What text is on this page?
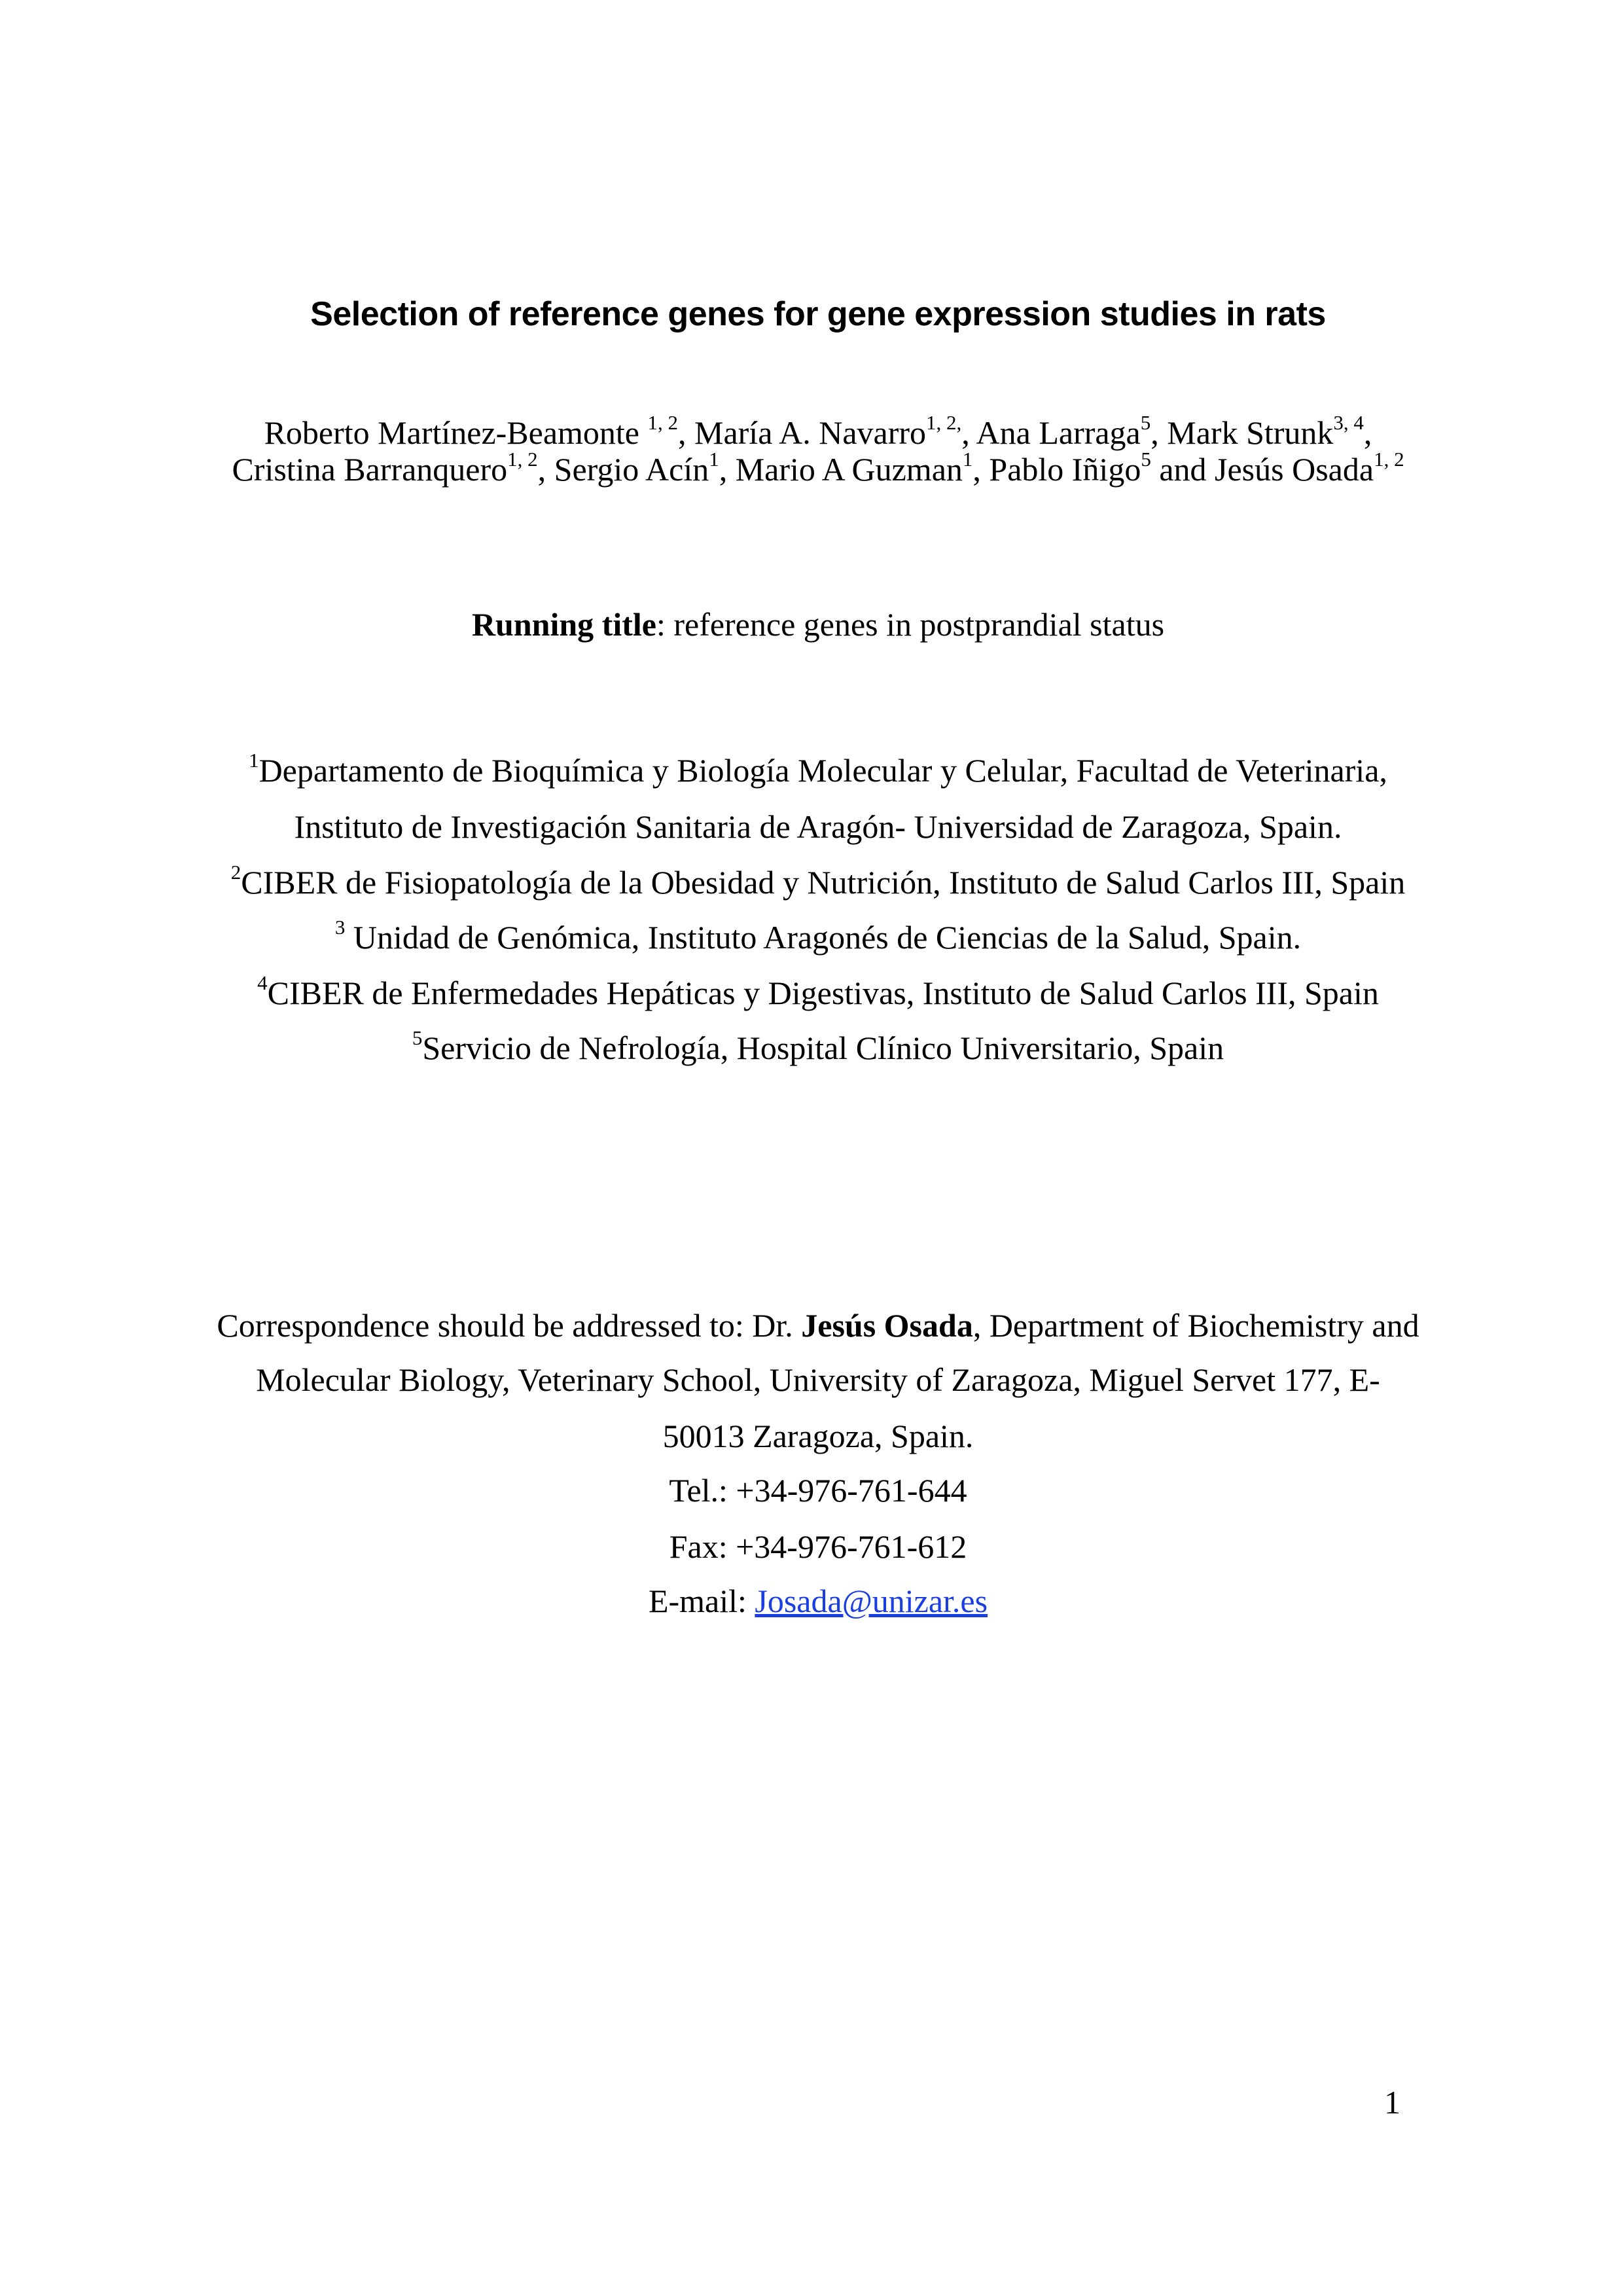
Selection of reference genes for gene expression studies in rats
Roberto Martínez-Beamonte $^{1, 2}$, María A. Navarro$^{1, 2,}$, Ana Larraga$^5$, Mark Strunk$^{3, 4}$,
Cristina Barranquero$^{1, 2}$, Sergio Acín$^1$, Mario A Guzman$^1$, Pablo Iñigo$^5$ and Jesús Osada$^{1, 2}$
Running title: reference genes in postprandial status
$^1$Departamento de Bioquímica y Biología Molecular y Celular, Facultad de Veterinaria,
Instituto de Investigación Sanitaria de Aragón- Universidad de Zaragoza, Spain.
$^2$CIBER de Fisiopatología de la Obesidad y Nutrición, Instituto de Salud Carlos III, Spain
$^3$ Unidad de Genómica, Instituto Aragonés de Ciencias de la Salud, Spain.
$^4$CIBER de Enfermedades Hepáticas y Digestivas, Instituto de Salud Carlos III, Spain
$^5$Servicio de Nefrología, Hospital Clínico Universitario, Spain
Correspondence should be addressed to: Dr. Jesús Osada, Department of Biochemistry and
Molecular Biology, Veterinary School, University of Zaragoza, Miguel Servet 177, E-
50013 Zaragoza, Spain.
Tel.: +34-976-761-644
Fax: +34-976-761-612
E-mail: Josada@unizar.es
1
